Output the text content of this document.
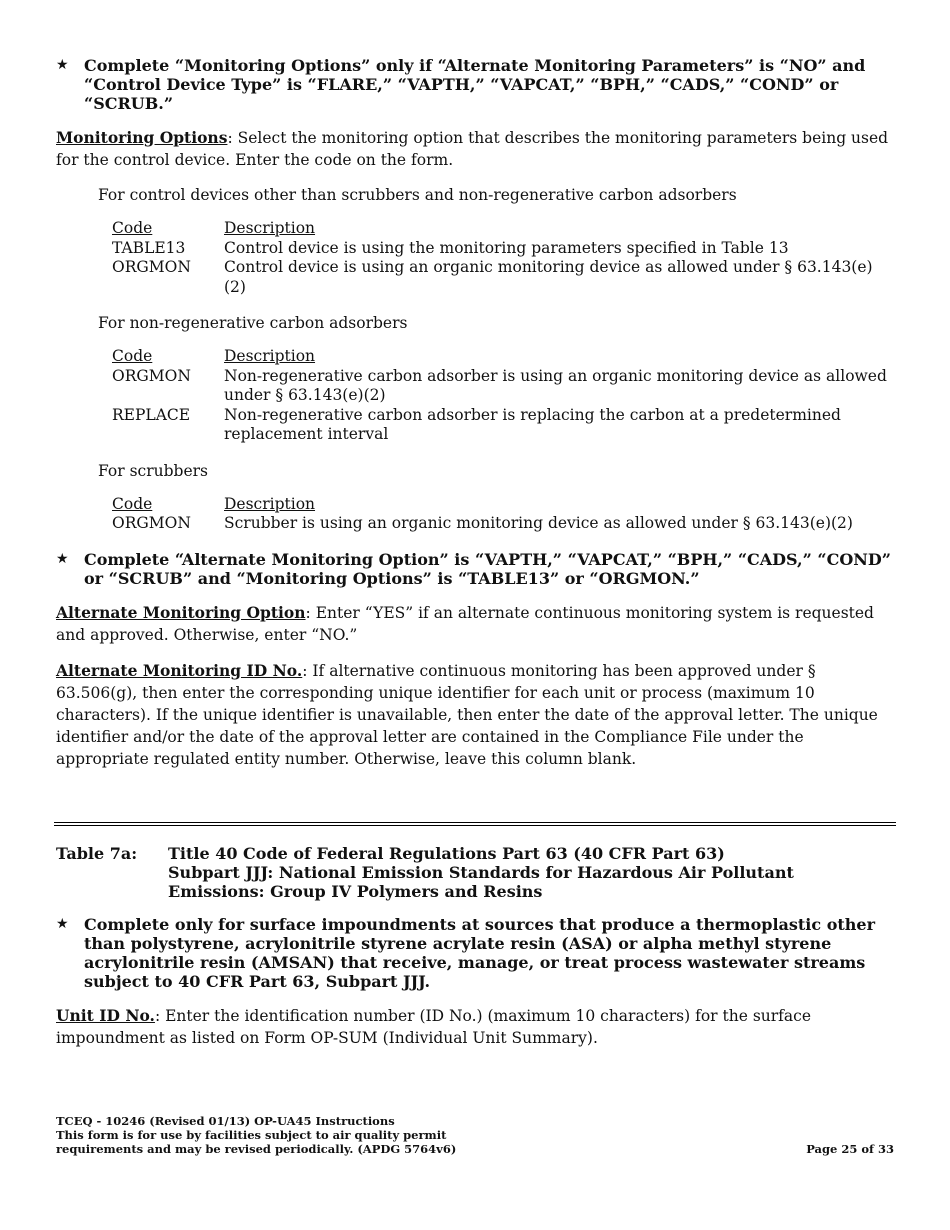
★ Complete “Monitoring Options” only if “Alternate Monitoring Parameters” is “NO” and “Control Device Type” is “FLARE,” “VAPTH,” “VAPCAT,” “BPH,” “CADS,” “COND” or “SCRUB.”

Monitoring Options: Select the monitoring option that describes the monitoring parameters being used for the control device. Enter the code on the form.

For control devices other than scrubbers and non-regenerative carbon adsorbers
Code	Description
TABLE13	Control device is using the monitoring parameters specified in Table 13
ORGMON	Control device is using an organic monitoring device as allowed under § 63.143(e)(2)
For non-regenerative carbon adsorbers
Code	Description
ORGMON	Non-regenerative carbon adsorber is using an organic monitoring device as allowed under § 63.143(e)(2)
REPLACE	Non-regenerative carbon adsorber is replacing the carbon at a predetermined replacement interval
For scrubbers
Code	Description
ORGMON	Scrubber is using an organic monitoring device as allowed under § 63.143(e)(2)
★ Complete “Alternate Monitoring Option” is “VAPTH,” “VAPCAT,” “BPH,” “CADS,” “COND” or “SCRUB” and “Monitoring Options” is “TABLE13” or “ORGMON.”

Alternate Monitoring Option: Enter “YES” if an alternate continuous monitoring system is requested and approved. Otherwise, enter “NO.”

Alternate Monitoring ID No.: If alternative continuous monitoring has been approved under § 63.506(g), then enter the corresponding unique identifier for each unit or process (maximum 10 characters). If the unique identifier is unavailable, then enter the date of the approval letter. The unique identifier and/or the date of the approval letter are contained in the Compliance File under the appropriate regulated entity number. Otherwise, leave this column blank.

Table 7a:	Title 40 Code of Federal Regulations Part 63 (40 CFR Part 63)
Subpart JJJ: National Emission Standards for Hazardous Air Pollutant
Emissions: Group IV Polymers and Resins
★ Complete only for surface impoundments at sources that produce a thermoplastic other than polystyrene, acrylonitrile styrene acrylate resin (ASA) or alpha methyl styrene acrylonitrile resin (AMSAN) that receive, manage, or treat process wastewater streams subject to 40 CFR Part 63, Subpart JJJ.

Unit ID No.: Enter the identification number (ID No.) (maximum 10 characters) for the surface impoundment as listed on Form OP-SUM (Individual Unit Summary).

TCEQ - 10246 (Revised 01/13) OP-UA45 Instructions
This form is for use by facilities subject to air quality permit
requirements and may be revised periodically. (APDG 5764v6)	Page 25 of 33
